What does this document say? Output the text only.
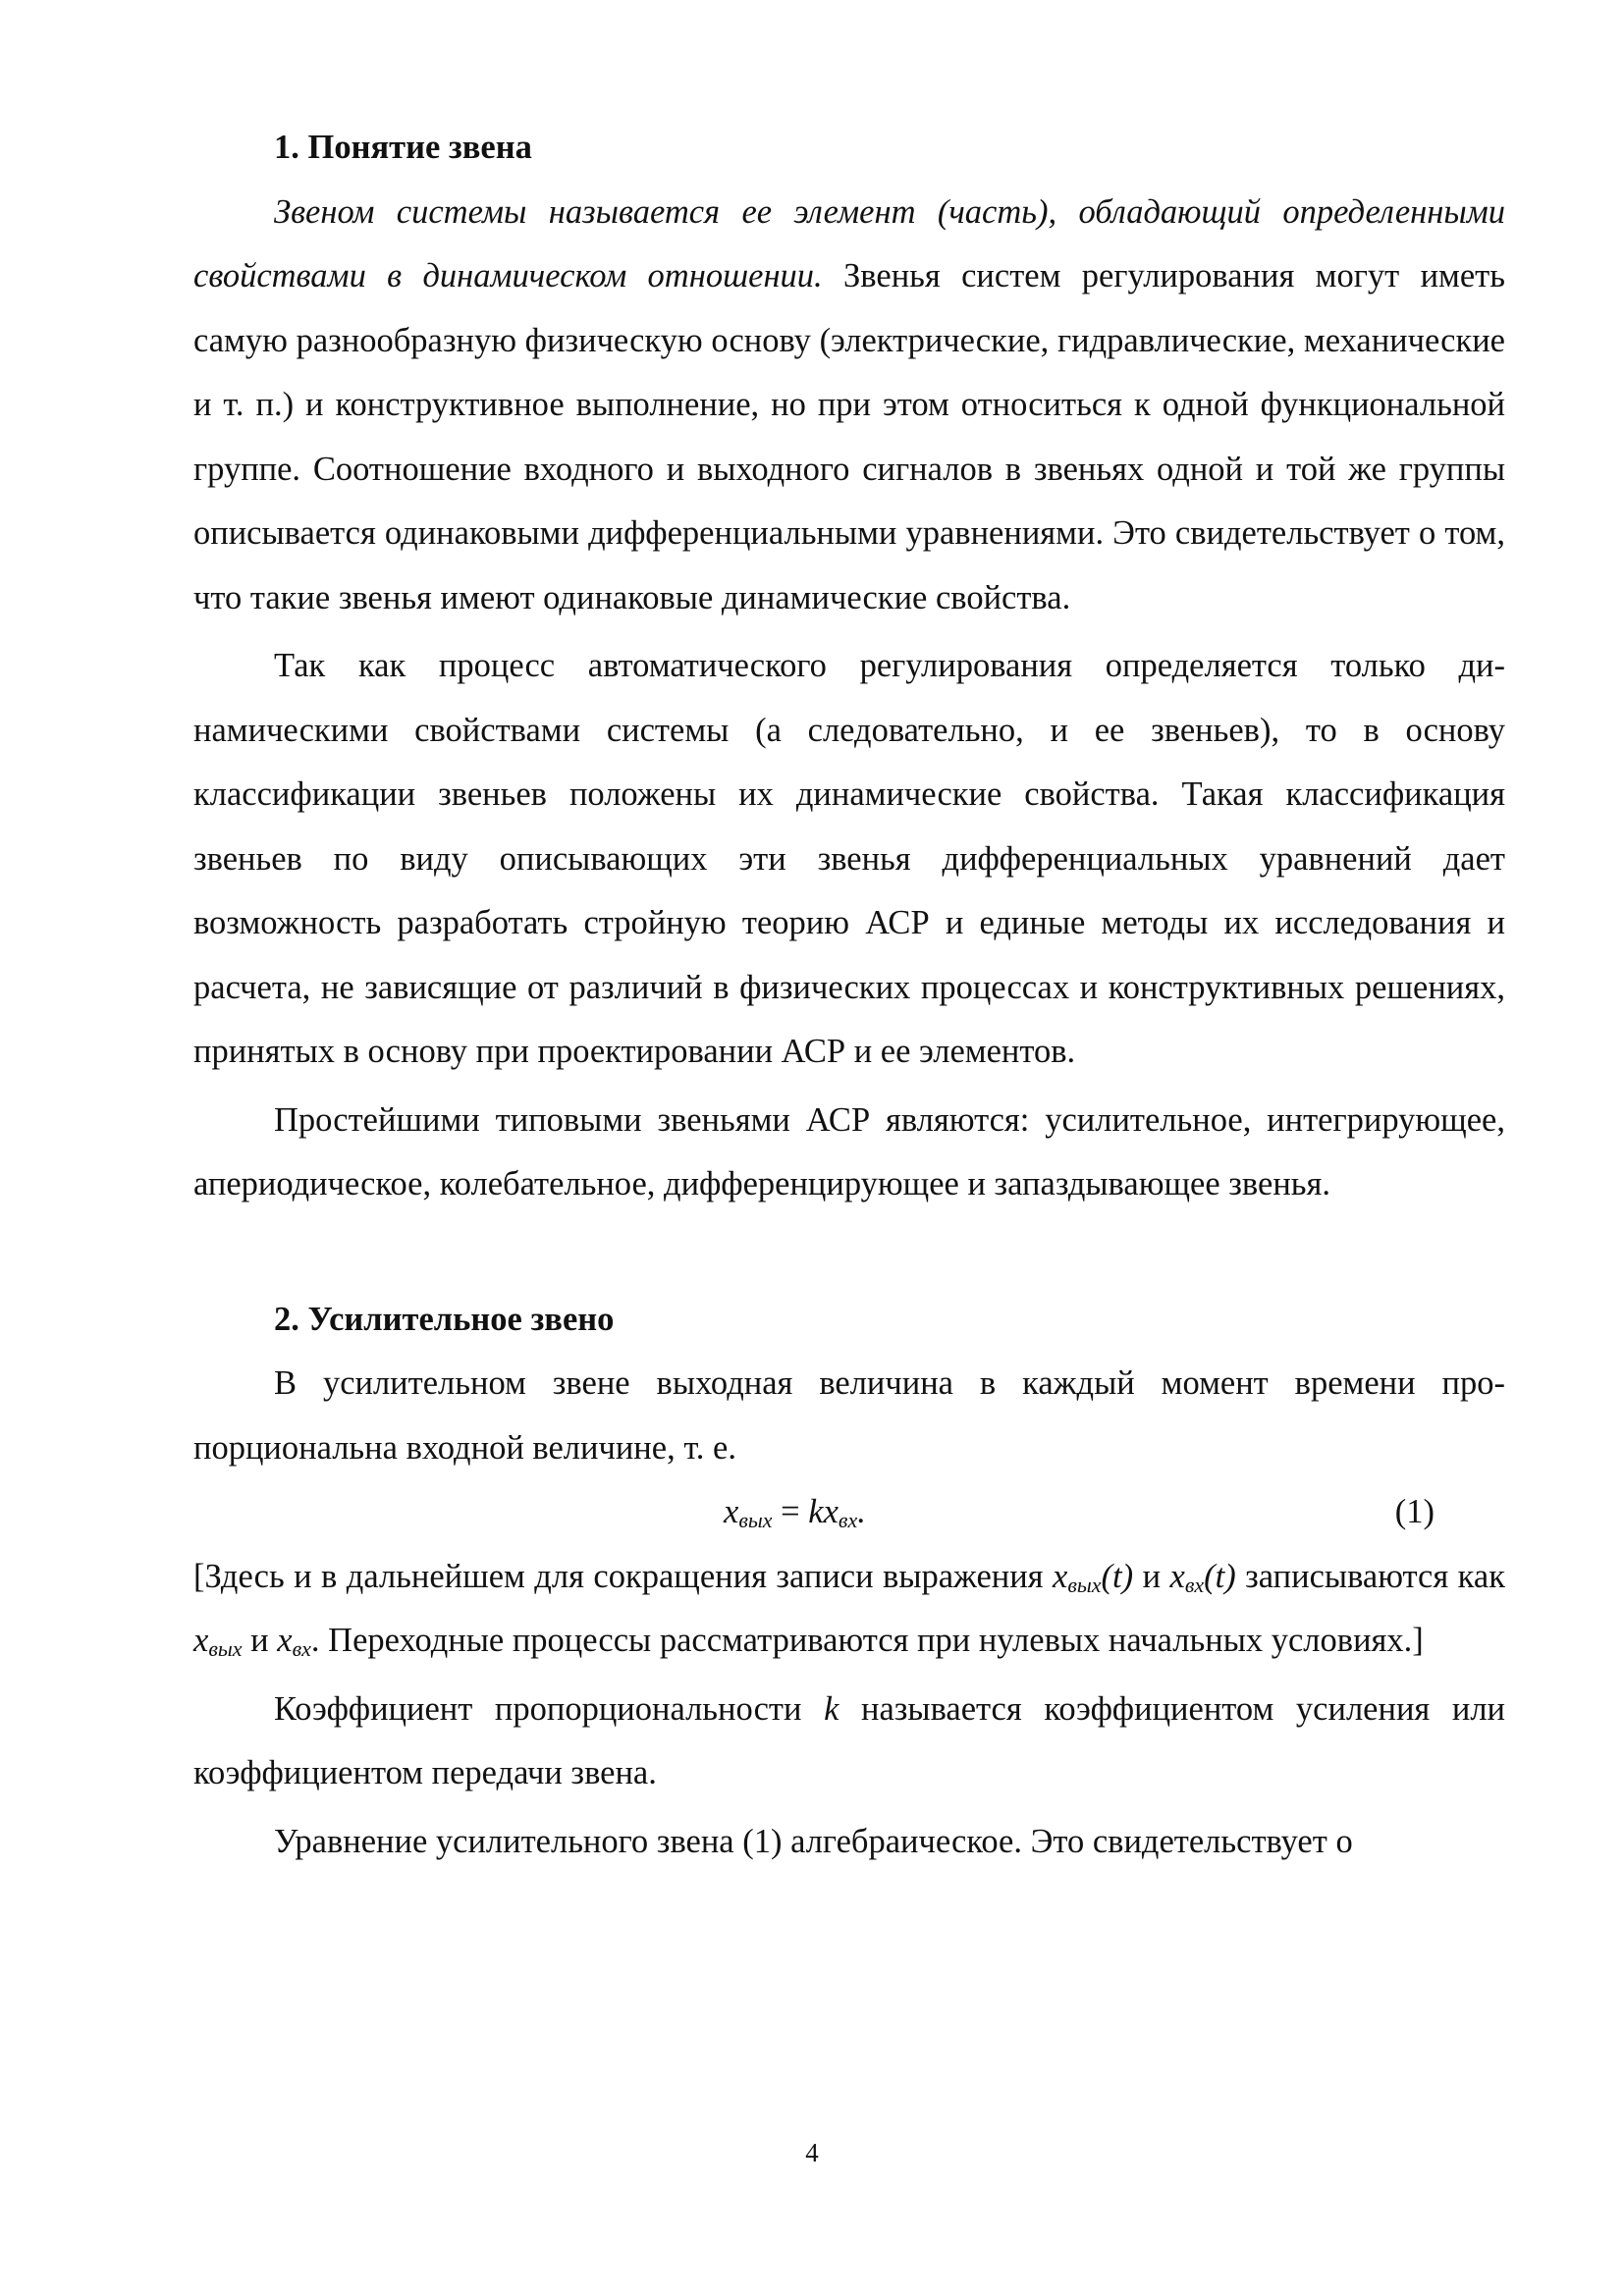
1. Понятие звена

Звеном системы называется ее элемент (часть), обладающий определенными свойствами в динамическом отношении. Звенья систем регулирования могут иметь самую разнообразную физическую основу (электрические, гидравлические, механические и т. п.) и конструктивное выполнение, но при этом относиться к одной функциональной группе. Соотношение входного и выходного сигналов в звеньях одной и той же группы описывается одинаковыми дифференциальными уравнениями. Это свидетельствует о том, что такие звенья имеют одинаковые динамические свойства.

Так как процесс автоматического регулирования определяется только динамическими свойствами системы (а следовательно, и ее звеньев), то в основу классификации звеньев положены их динамические свойства. Такая классификация звеньев по виду описывающих эти звенья дифференциальных уравнений дает возможность разработать стройную теорию АСР и единые методы их исследования и расчета, не зависящие от различий в физических процессах и конструктивных решениях, принятых в основу при проектировании АСР и ее элементов.

Простейшими типовыми звеньями АСР являются: усилительное, интегрирующее, апериодическое, колебательное, дифференцирующее и запаздывающее звенья.

2. Усилительное звено

В усилительном звене выходная величина в каждый момент времени пропорциональна входной величине, т. е.

$x_{вых} = kx_{вх}$.	(1)

[Здесь и в дальнейшем для сокращения записи выражения $x_{вых}(t)$ и $x_{вх}(t)$ записываются как $x_{вых}$ и $x_{вх}$. Переходные процессы рассматриваются при нулевых начальных условиях.]

Коэффициент пропорциональности k называется коэффициентом усиления или коэффициентом передачи звена.

Уравнение усилительного звена (1) алгебраическое. Это свидетельствует о

4
